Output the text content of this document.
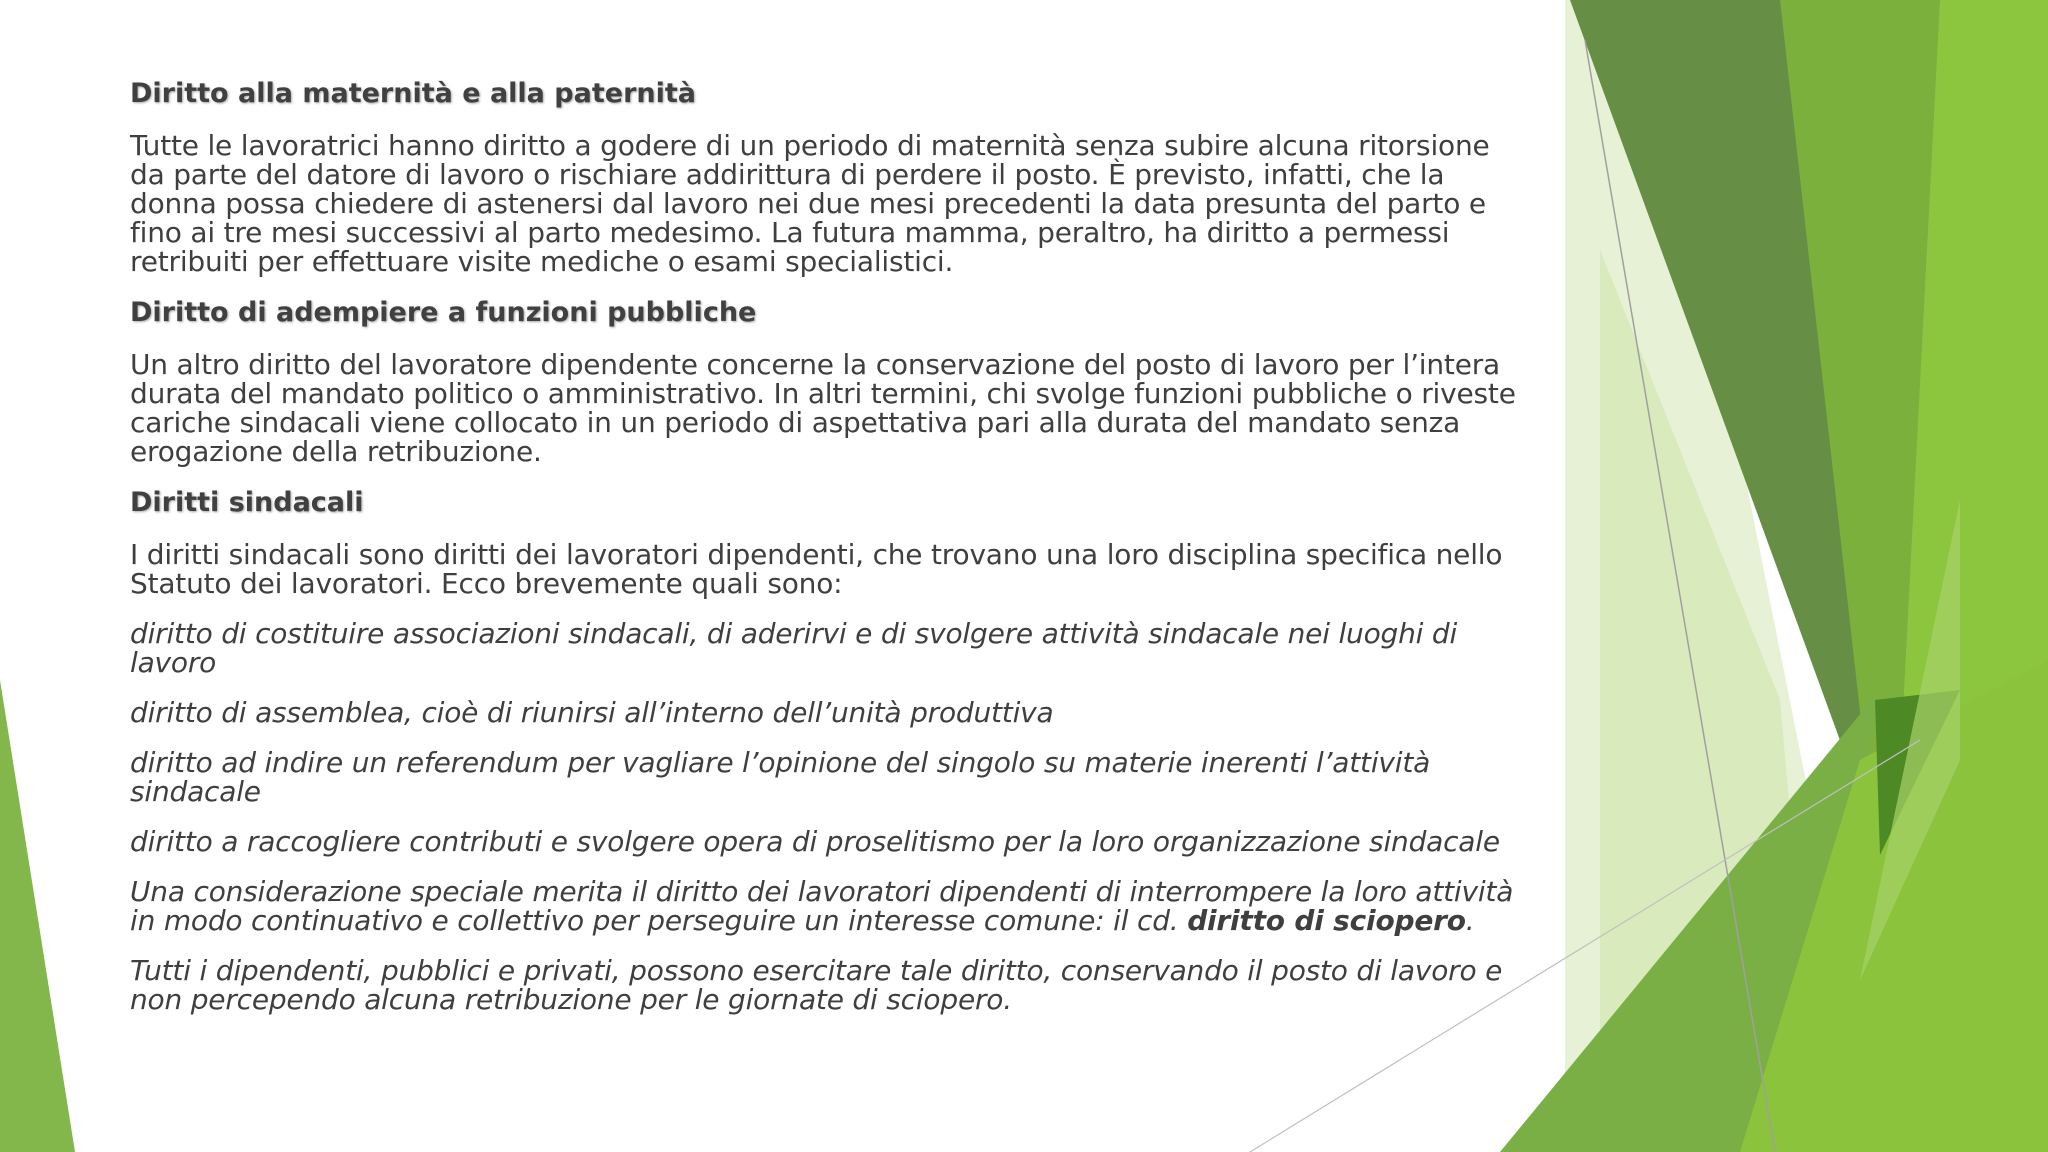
Diritto alla maternità e alla paternità
Tutte le lavoratrici hanno diritto a godere di un periodo di maternità senza subire alcuna ritorsione da parte del datore di lavoro o rischiare addirittura di perdere il posto. È previsto, infatti, che la donna possa chiedere di astenersi dal lavoro nei due mesi precedenti la data presunta del parto e fino ai tre mesi successivi al parto medesimo. La futura mamma, peraltro, ha diritto a permessi retribuiti per effettuare visite mediche o esami specialistici.
Diritto di adempiere a funzioni pubbliche
Un altro diritto del lavoratore dipendente concerne la conservazione del posto di lavoro per l’intera durata del mandato politico o amministrativo. In altri termini, chi svolge funzioni pubbliche o riveste cariche sindacali viene collocato in un periodo di aspettativa pari alla durata del mandato senza erogazione della retribuzione.
Diritti sindacali
I diritti sindacali sono diritti dei lavoratori dipendenti, che trovano una loro disciplina specifica nello Statuto dei lavoratori. Ecco brevemente quali sono:
diritto di costituire associazioni sindacali, di aderirvi e di svolgere attività sindacale nei luoghi di lavoro
diritto di assemblea, cioè di riunirsi all’interno dell’unità produttiva
diritto ad indire un referendum per vagliare l’opinione del singolo su materie inerenti l’attività sindacale
diritto a raccogliere contributi e svolgere opera di proselitismo per la loro organizzazione sindacale
Una considerazione speciale merita il diritto dei lavoratori dipendenti di interrompere la loro attività in modo continuativo e collettivo per perseguire un interesse comune: il cd. diritto di sciopero.
Tutti i dipendenti, pubblici e privati, possono esercitare tale diritto, conservando il posto di lavoro e non percependo alcuna retribuzione per le giornate di sciopero.
